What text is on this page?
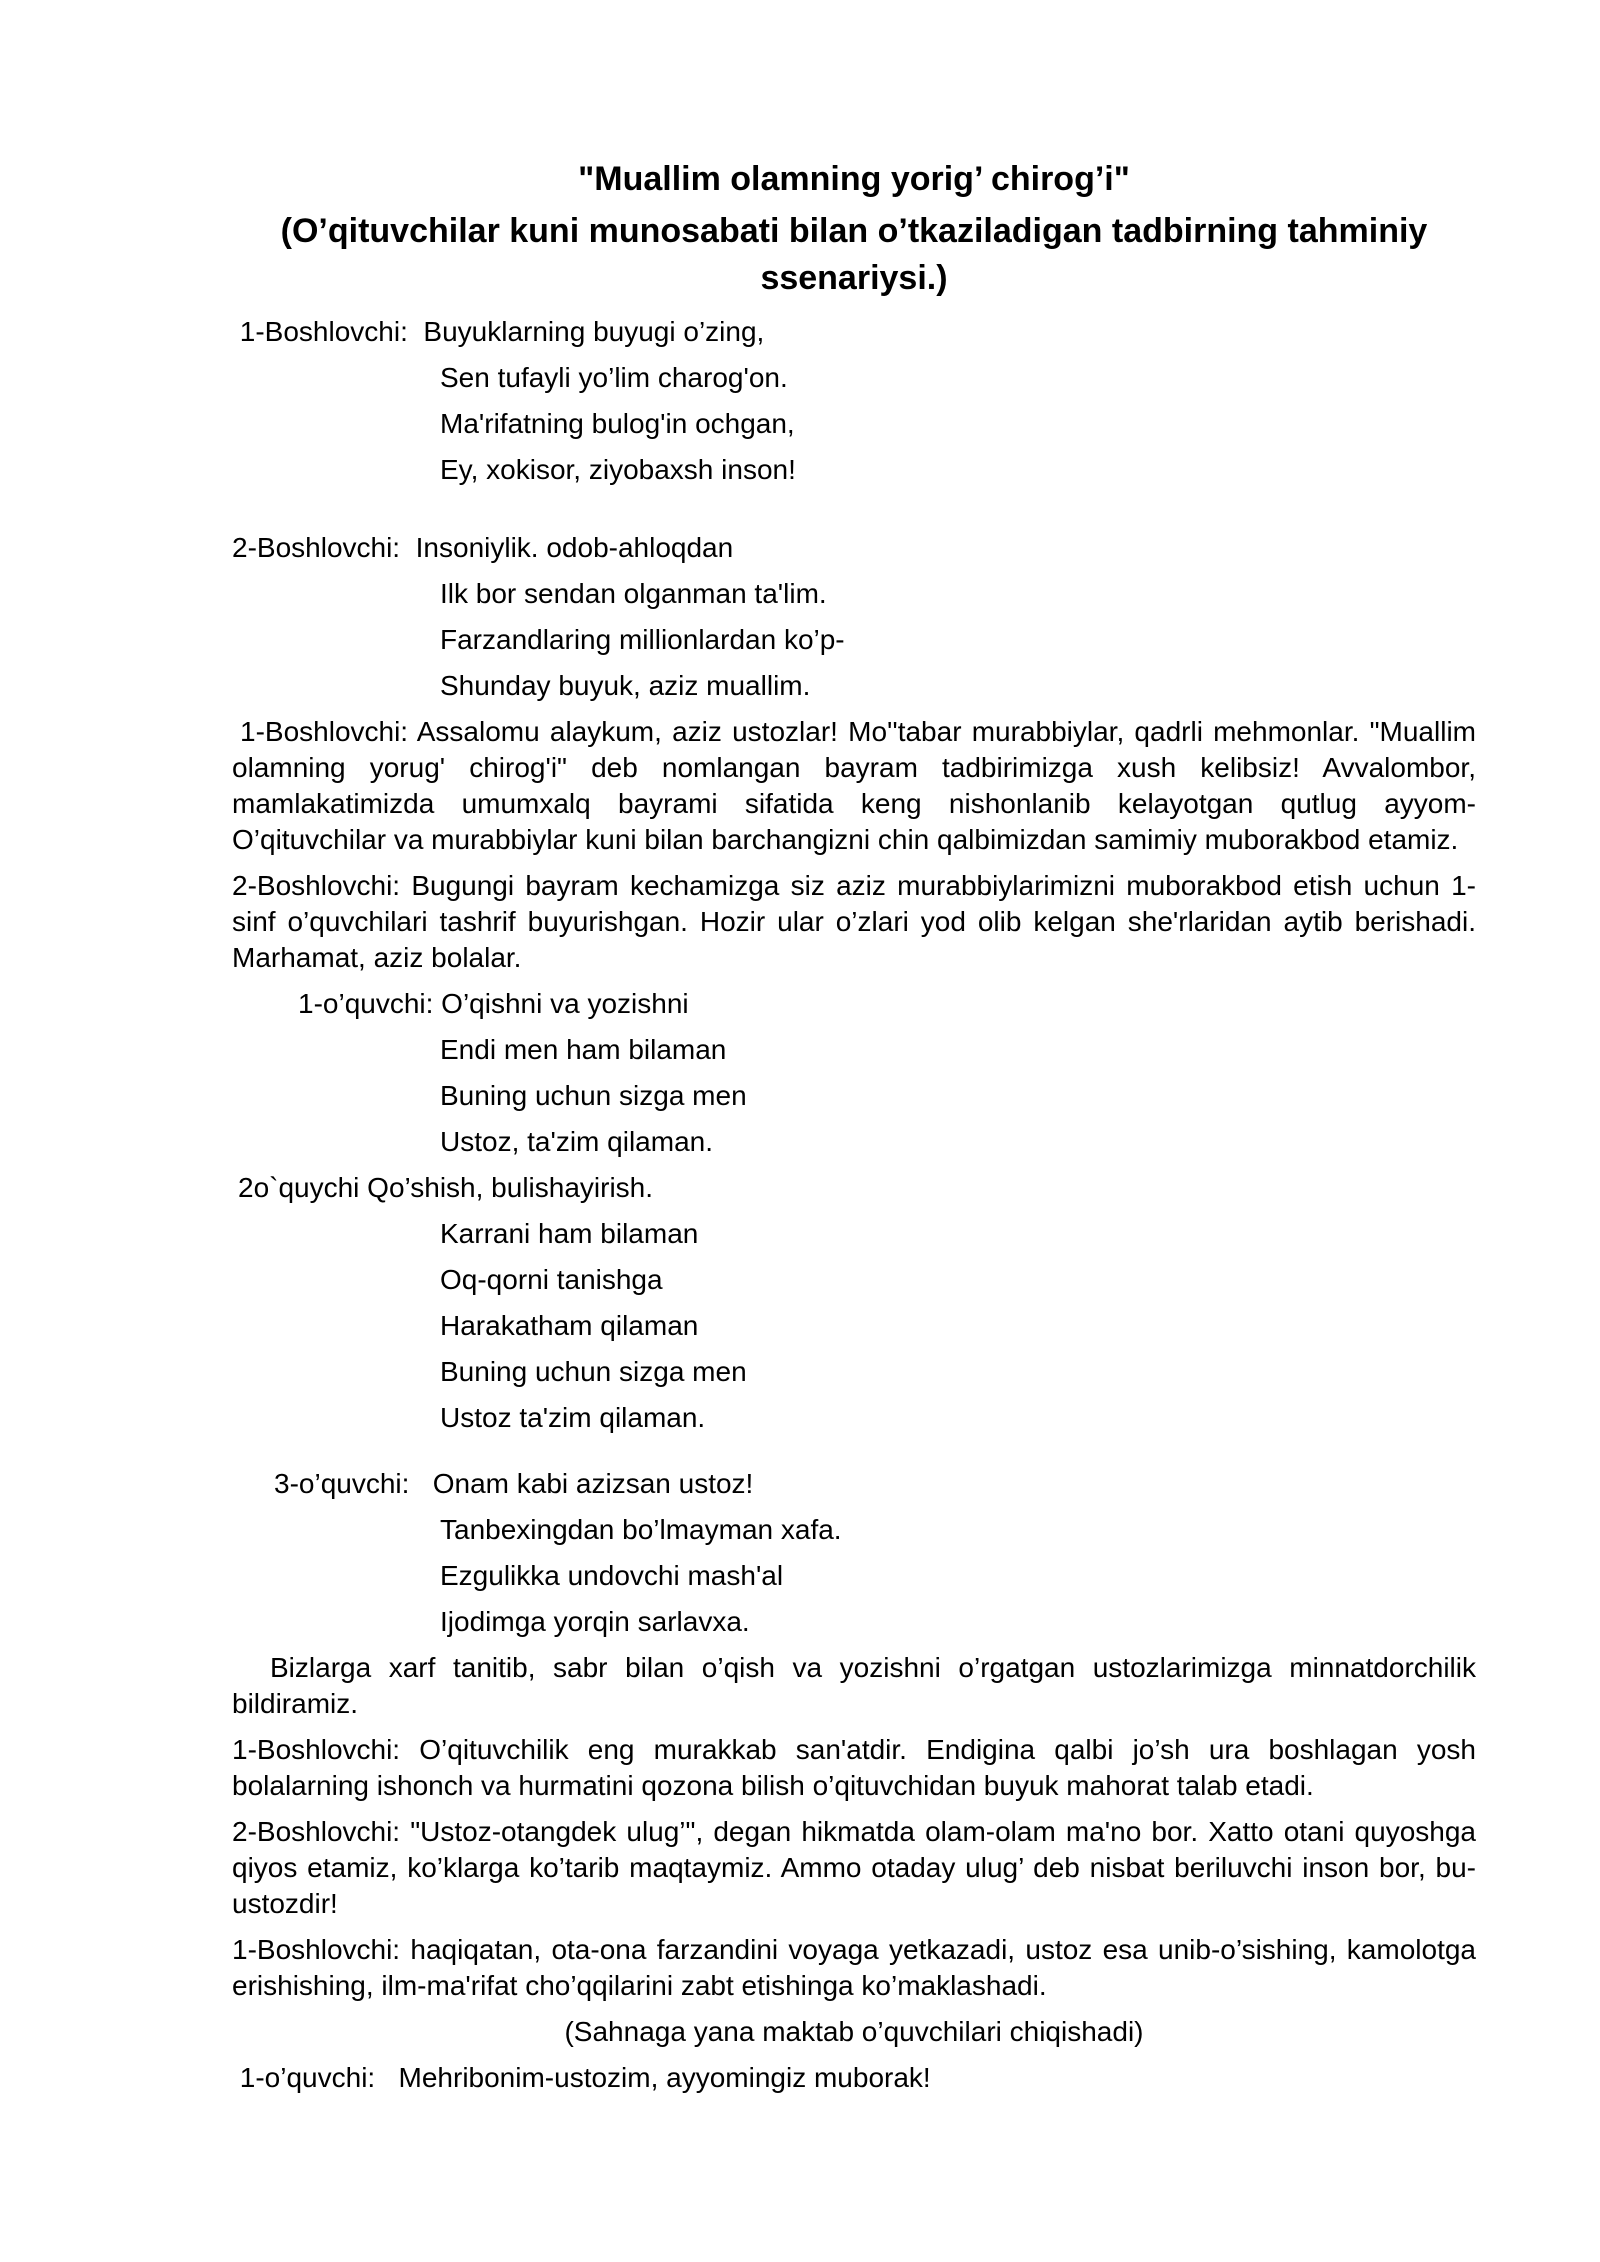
"Muallim olamning yorig’ chirog’i"
(O’qituvchilar kuni munosabati bilan o’tkaziladigan tadbirning tahminiy ssenariysi.)
1-Boshlovchi:  Buyuklarning buyugi o’zing,
Sen tufayli yo’lim charog'on.
Ma'rifatning bulog'in ochgan,
Ey, xokisor, ziyobaxsh inson!
2-Boshlovchi:  Insoniylik. odob-ahloqdan
Ilk bor sendan olganman ta'lim.
Farzandlaring millionlardan ko’p-
Shunday buyuk, aziz muallim.
1-Boshlovchi: Assalomu alaykum, aziz ustozlar! Mo''tabar murabbiylar, qadrli mehmonlar. "Muallim olamning yorug' chirog'i" deb nomlangan bayram tadbirimizga xush kelibsiz! Avvalombor, mamlakatimizda umumxalq bayrami sifatida keng nishonlanib kelayotgan qutlug ayyom- O’qituvchilar va murabbiylar kuni bilan barchangizni chin qalbimizdan samimiy muborakbod etamiz.
2-Boshlovchi: Bugungi bayram kechamizga siz aziz murabbiylarimizni muborakbod etish uchun 1-sinf o’quvchilari tashrif buyurishgan. Hozir ular o’zlari yod olib kelgan she'rlaridan aytib berishadi. Marhamat, aziz bolalar.
1-o’quvchi: O’qishni va yozishni
Endi men ham bilaman
Buning uchun sizga men
Ustoz, ta'zim qilaman.
2o`quychi Qo’shish, bulishayirish.
Karrani ham bilaman
Oq-qorni tanishga
Harakatham qilaman
Buning uchun sizga men
Ustoz ta'zim qilaman.
3-o’quvchi:   Onam kabi azizsan ustoz!
Tanbexingdan bo’lmayman xafa.
Ezgulikka undovchi mash'al
Ijodimga yorqin sarlavxa.
Bizlarga xarf tanitib, sabr bilan o’qish va yozishni o’rgatgan ustozlarimizga minnatdorchilik bildiramiz.
1-Boshlovchi: O’qituvchilik eng murakkab san'atdir. Endigina qalbi jo’sh ura boshlagan yosh bolalarning ishonch va hurmatini qozona bilish o’qituvchidan buyuk mahorat talab etadi.
2-Boshlovchi: "Ustoz-otangdek ulug’", degan hikmatda olam-olam ma'no bor. Xatto otani quyoshga qiyos etamiz, ko’klarga ko’tarib maqtaymiz. Ammo otaday ulug’ deb nisbat beriluvchi inson bor, bu-ustozdir!
1-Boshlovchi: haqiqatan, ota-ona farzandini voyaga yetkazadi, ustoz esa unib-o’sishing, kamolotga erishishing, ilm-ma'rifat cho’qqilarini zabt etishinga ko’maklashadi.
(Sahnaga yana maktab o’quvchilari chiqishadi)
1-o’quvchi:   Mehribonim-ustozim, ayyomingiz muborak!
